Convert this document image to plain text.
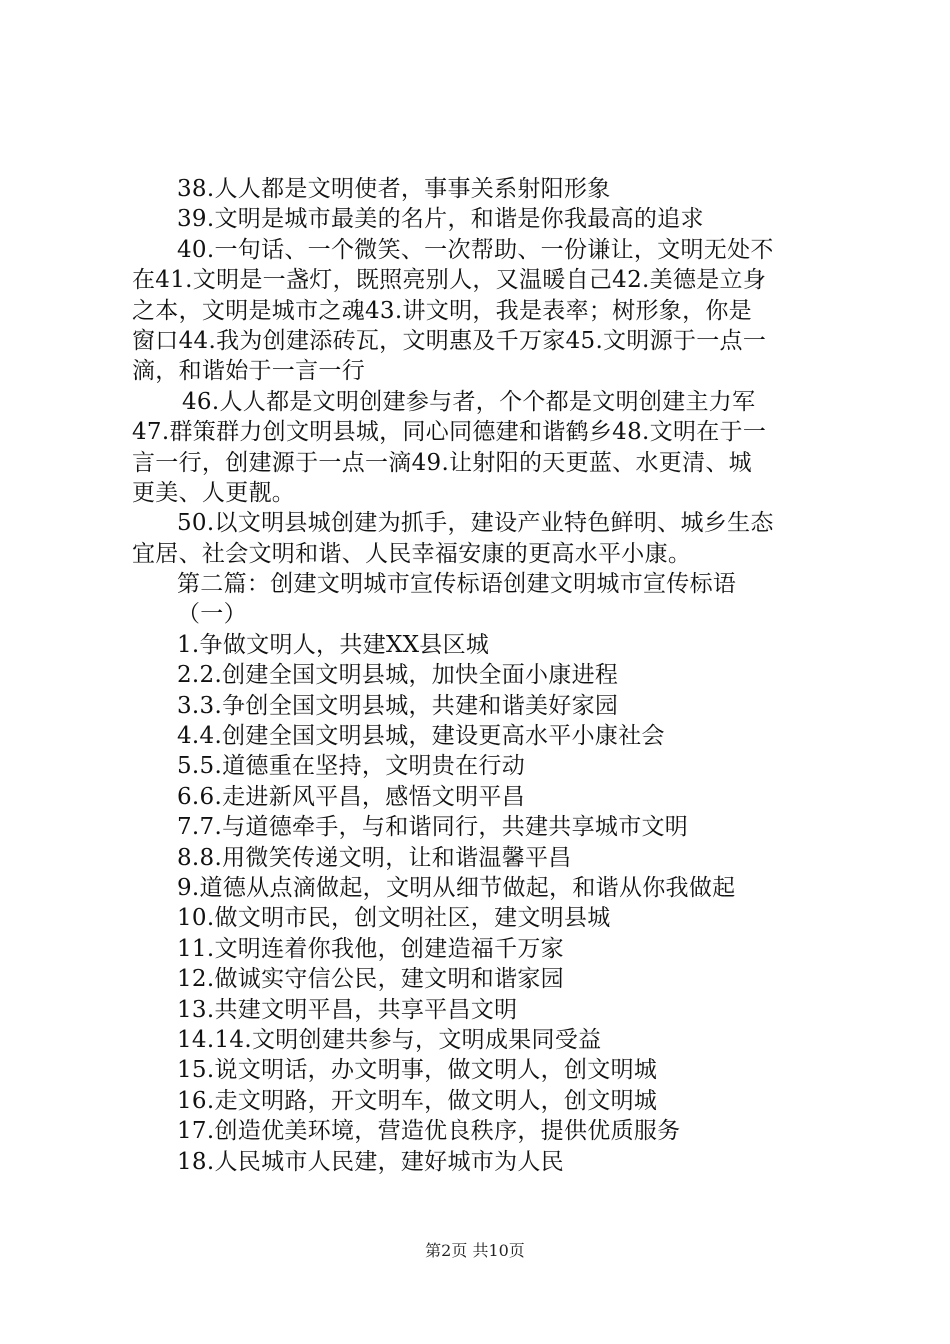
38.人人都是文明使者，事事关系射阳形象
39.文明是城市最美的名片，和谐是你我最高的追求
40.一句话、一个微笑、一次帮助、一份谦让，文明无处不
在41.文明是一盏灯，既照亮别人，又温暖自己42.美德是立身
之本，文明是城市之魂43.讲文明，我是表率；树形象，你是
窗口44.我为创建添砖瓦，文明惠及千万家45.文明源于一点一
滴，和谐始于一言一行
46.人人都是文明创建参与者，个个都是文明创建主力军
47.群策群力创文明县城，同心同德建和谐鹤乡48.文明在于一
言一行，创建源于一点一滴49.让射阳的天更蓝、水更清、城
更美、人更靓。
50.以文明县城创建为抓手，建设产业特色鲜明、城乡生态
宜居、社会文明和谐、人民幸福安康的更高水平小康。
第二篇：创建文明城市宣传标语创建文明城市宣传标语
（一）
1.争做文明人，共建XX县区城
2.2.创建全国文明县城，加快全面小康进程
3.3.争创全国文明县城，共建和谐美好家园
4.4.创建全国文明县城，建设更高水平小康社会
5.5.道德重在坚持，文明贵在行动
6.6.走进新风平昌，感悟文明平昌
7.7.与道德牵手，与和谐同行，共建共享城市文明
8.8.用微笑传递文明，让和谐温馨平昌
9.道德从点滴做起，文明从细节做起，和谐从你我做起
10.做文明市民，创文明社区，建文明县城
11.文明连着你我他，创建造福千万家
12.做诚实守信公民，建文明和谐家园
13.共建文明平昌，共享平昌文明
14.14.文明创建共参与，文明成果同受益
15.说文明话，办文明事，做文明人，创文明城
16.走文明路，开文明车，做文明人，创文明城
17.创造优美环境，营造优良秩序，提供优质服务
18.人民城市人民建，建好城市为人民
第2页 共10页
